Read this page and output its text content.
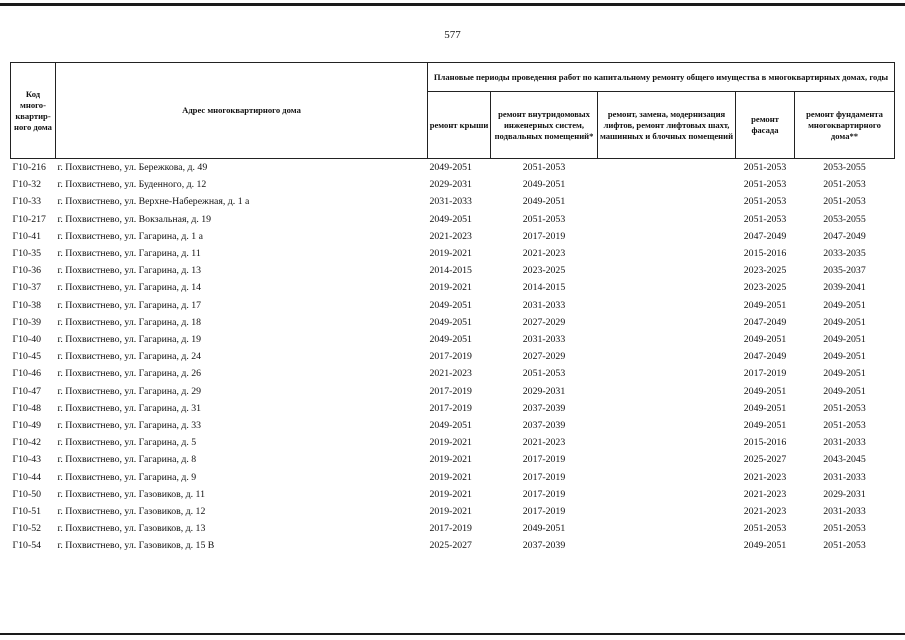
577
Код много-квартир-ного дома	Адрес многоквартирного дома	Плановые периоды проведения работ по капитальному ремонту общего имущества в многоквартирных домах, годы				
		ремонт крыши	ремонт внутридомовых инженерных систем, подвальных помещений*	ремонт, замена, модернизация лифтов, ремонт лифтовых шахт, машинных и блочных помещений	ремонт фасада	ремонт фундамента многоквартирного дома**
Г10-216	г. Похвистнево, ул. Бережкова, д. 49	2049-2051	2051-2053		2051-2053	2053-2055
Г10-32	г. Похвистнево, ул. Буденного, д. 12	2029-2031	2049-2051		2051-2053	2051-2053
Г10-33	г. Похвистнево, ул. Верхне-Набережная, д. 1 а	2031-2033	2049-2051		2051-2053	2051-2053
Г10-217	г. Похвистнево, ул. Вокзальная, д. 19	2049-2051	2051-2053		2051-2053	2053-2055
Г10-41	г. Похвистнево, ул. Гагарина, д. 1 а	2021-2023	2017-2019		2047-2049	2047-2049
Г10-35	г. Похвистнево, ул. Гагарина, д. 11	2019-2021	2021-2023		2015-2016	2033-2035
Г10-36	г. Похвистнево, ул. Гагарина, д. 13	2014-2015	2023-2025		2023-2025	2035-2037
Г10-37	г. Похвистнево, ул. Гагарина, д. 14	2019-2021	2014-2015		2023-2025	2039-2041
Г10-38	г. Похвистнево, ул. Гагарина, д. 17	2049-2051	2031-2033		2049-2051	2049-2051
Г10-39	г. Похвистнево, ул. Гагарина, д. 18	2049-2051	2027-2029		2047-2049	2049-2051
Г10-40	г. Похвистнево, ул. Гагарина, д. 19	2049-2051	2031-2033		2049-2051	2049-2051
Г10-45	г. Похвистнево, ул. Гагарина, д. 24	2017-2019	2027-2029		2047-2049	2049-2051
Г10-46	г. Похвистнево, ул. Гагарина, д. 26	2021-2023	2051-2053		2017-2019	2049-2051
Г10-47	г. Похвистнево, ул. Гагарина, д. 29	2017-2019	2029-2031		2049-2051	2049-2051
Г10-48	г. Похвистнево, ул. Гагарина, д. 31	2017-2019	2037-2039		2049-2051	2051-2053
Г10-49	г. Похвистнево, ул. Гагарина, д. 33	2049-2051	2037-2039		2049-2051	2051-2053
Г10-42	г. Похвистнево, ул. Гагарина, д. 5	2019-2021	2021-2023		2015-2016	2031-2033
Г10-43	г. Похвистнево, ул. Гагарина, д. 8	2019-2021	2017-2019		2025-2027	2043-2045
Г10-44	г. Похвистнево, ул. Гагарина, д. 9	2019-2021	2017-2019		2021-2023	2031-2033
Г10-50	г. Похвистнево, ул. Газовиков, д. 11	2019-2021	2017-2019		2021-2023	2029-2031
Г10-51	г. Похвистнево, ул. Газовиков, д. 12	2019-2021	2017-2019		2021-2023	2031-2033
Г10-52	г. Похвистнево, ул. Газовиков, д. 13	2017-2019	2049-2051		2051-2053	2051-2053
Г10-54	г. Похвистнево, ул. Газовиков, д. 15 В	2025-2027	2037-2039		2049-2051	2051-2053
